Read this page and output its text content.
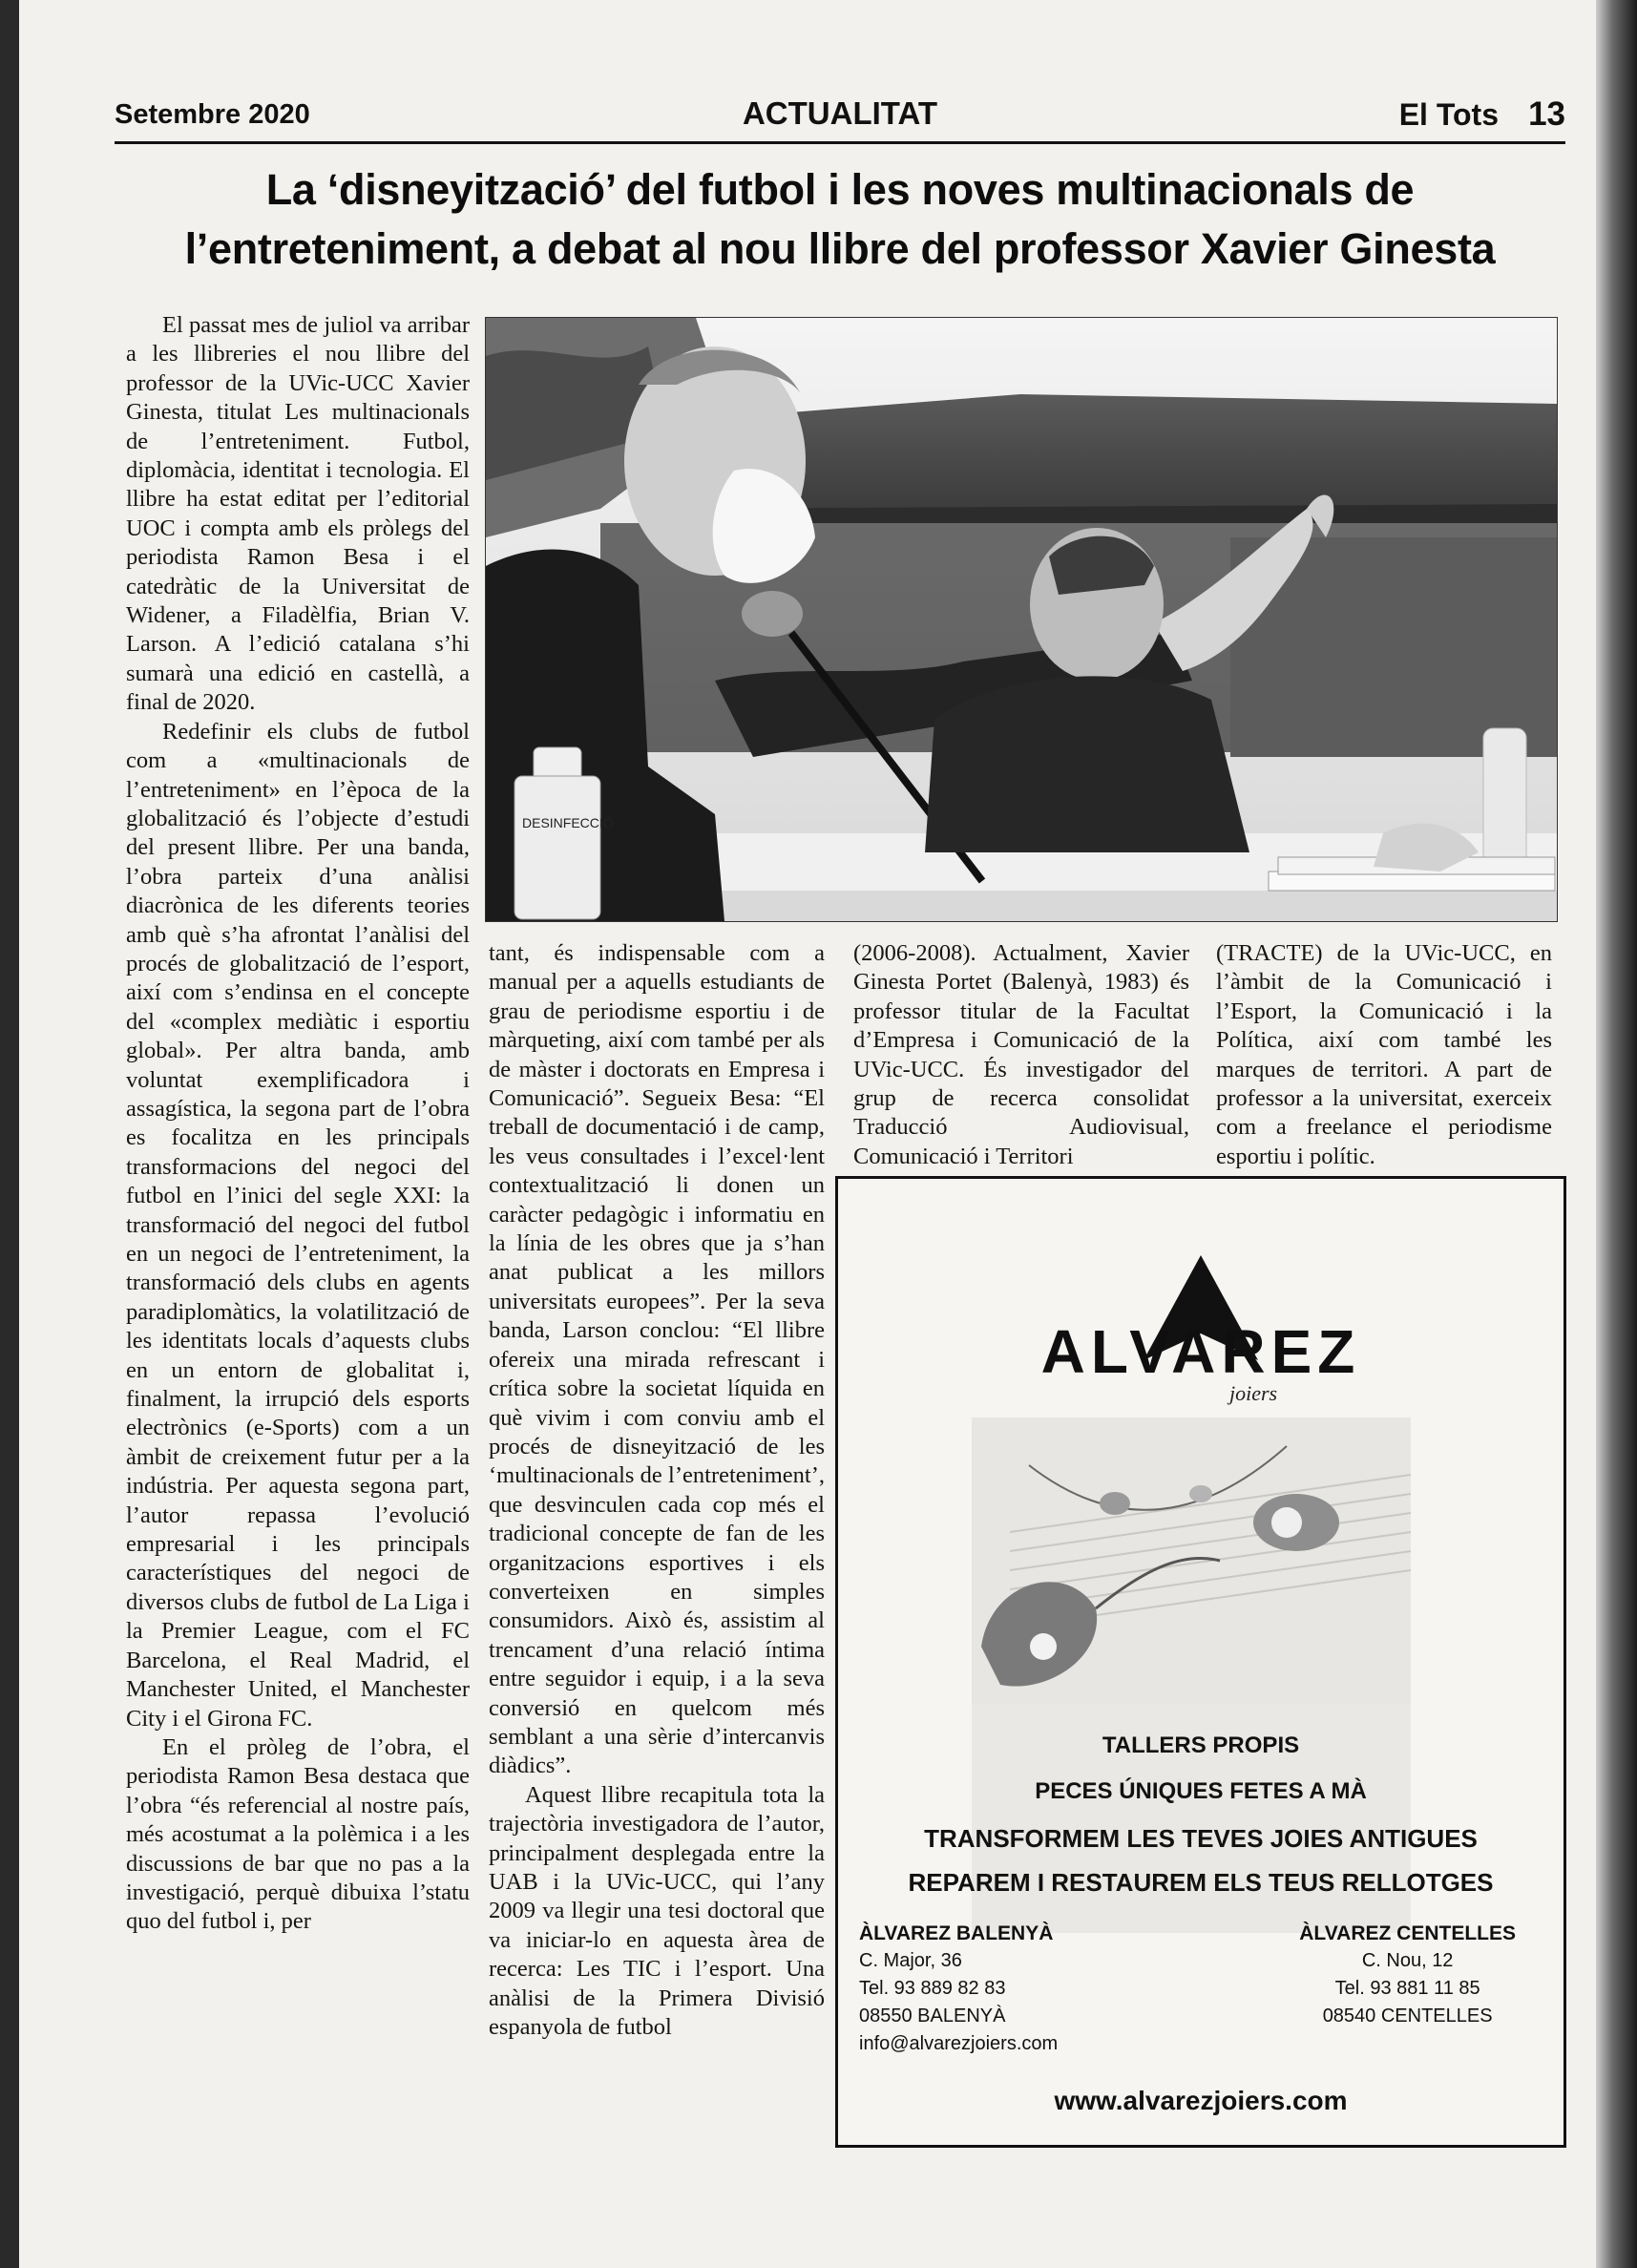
Setembre 2020	ACTUALITAT	El Tots 13
La ‘disneyització’ del futbol i les noves multinacionals de
l’entreteniment, a debat al nou llibre del professor Xavier Ginesta

El passat mes de juliol va arribar a les llibreries el nou llibre del professor de la UVic-UCC Xavier Ginesta, titulat Les multinacionals de l’entreteniment. Futbol, diplomàcia, identitat i tecnologia. El llibre ha estat editat per l’editorial UOC i compta amb els pròlegs del periodista Ramon Besa i el catedràtic de la Universitat de Widener, a Filadèlfia, Brian V. Larson. A l’edició catalana s’hi sumarà una edició en castellà, a final de 2020.

Redefinir els clubs de futbol com a «multinacionals de l’entreteniment» en l’època de la globalització és l’objecte d’estudi del present llibre. Per una banda, l’obra parteix d’una anàlisi diacrònica de les diferents teories amb què s’ha afrontat l’anàlisi del procés de globalització de l’esport, així com s’endinsa en el concepte del «complex mediàtic i esportiu global». Per altra banda, amb voluntat exemplificadora i assagística, la segona part de l’obra es focalitza en les principals transformacions del negoci del futbol en l’inici del segle XXI: la transformació del negoci del futbol en un negoci de l’entreteniment, la transformació dels clubs en agents paradiplomàtics, la volatilització de les identitats locals d’aquests clubs en un entorn de globalitat i, finalment, la irrupció dels esports electrònics (e-Sports) com a un àmbit de creixement futur per a la indústria. Per aquesta segona part, l’autor repassa l’evolució empresarial i les principals característiques del negoci de diversos clubs de futbol de La Liga i la Premier League, com el FC Barcelona, el Real Madrid, el Manchester United, el Manchester City i el Girona FC.

En el pròleg de l’obra, el periodista Ramon Besa destaca que l’obra “és referencial al nostre país, més acostumat a la polèmica i a les discussions de bar que no pas a la investigació, perquè dibuixa l’statu quo del futbol i, per

DESINFECCIÓ

tant, és indispensable com a manual per a aquells estudiants de grau de periodisme esportiu i de màrqueting, així com també per als de màster i doctorats en Empresa i Comunicació”. Segueix Besa: “El treball de documentació i de camp, les veus consultades i l’excel·lent contextualització li donen un caràcter pedagògic i informatiu en la línia de les obres que ja s’han anat publicat a les millors universitats europees”. Per la seva banda, Larson conclou: “El llibre ofereix una mirada refrescant i crítica sobre la societat líquida en què vivim i com conviu amb el procés de disneyització de les ‘multinacionals de l’entreteniment’, que desvinculen cada cop més el tradicional concepte de fan de les organitzacions esportives i els converteixen en simples consumidors. Això és, assistim al trencament d’una relació íntima entre seguidor i equip, i a la seva conversió en quelcom més semblant a una sèrie d’intercanvis diàdics”.

Aquest llibre recapitula tota la trajectòria investigadora de l’autor, principalment desplegada entre la UAB i la UVic-UCC, qui l’any 2009 va llegir una tesi doctoral que va iniciar-lo en aquesta àrea de recerca: Les TIC i l’esport. Una anàlisi de la Primera Divisió espanyola de futbol

(2006-2008). Actualment, Xavier Ginesta Portet (Balenyà, 1983) és professor titular de la Facultat d’Empresa i Comunicació de la UVic-UCC. És investigador del grup de recerca consolidat Traducció Audiovisual, Comunicació i Territori

(TRACTE) de la UVic-UCC, en l’àmbit de la Comunicació i l’Esport, la Comunicació i la Política, així com també les marques de territori. A part de professor a la universitat, exerceix com a freelance el periodisme esportiu i polític.

ALVAREZ
joiers
TALLERS PROPIS
PECES ÚNIQUES FETES A MÀ
TRANSFORMEM LES TEVES JOIES ANTIGUES
REPAREM I RESTAUREM ELS TEUS RELLOTGES
ÀLVAREZ BALENYÀ
C. Major, 36
Tel. 93 889 82 83
08550 BALENYÀ
info@alvarezjoiers.com
ÀLVAREZ CENTELLES
C. Nou, 12
Tel. 93 881 11 85
08540 CENTELLES
www.alvarezjoiers.com
